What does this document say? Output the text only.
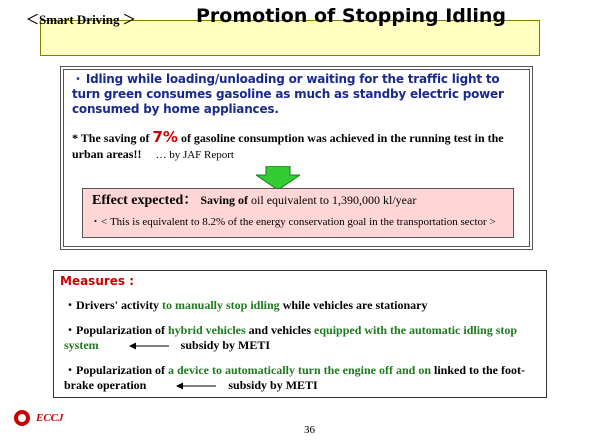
＜Smart Driving ＞	Promotion of Stopping Idling
・ Idling while loading/unloading or waiting for the traffic light to turn green consumes gasoline as much as standby electric power consumed by home appliances.
* The saving of 7% of gasoline consumption was achieved in the running test in the urban areas!! … by JAF Report
Effect expected： Saving of oil equivalent to 1,390,000 kl/year
・< This is equivalent to 8.2% of the energy conservation goal in the transportation sector >
Measures :
・Drivers' activity to manually stop idling while vehicles are stationary
・Popularization of hybrid vehicles and vehicles equipped with the automatic idling stop system	subsidy by METI
・Popularization of a device to automatically turn the engine off and on linked to the foot-brake operation	subsidy by METI
ECCJ
36
